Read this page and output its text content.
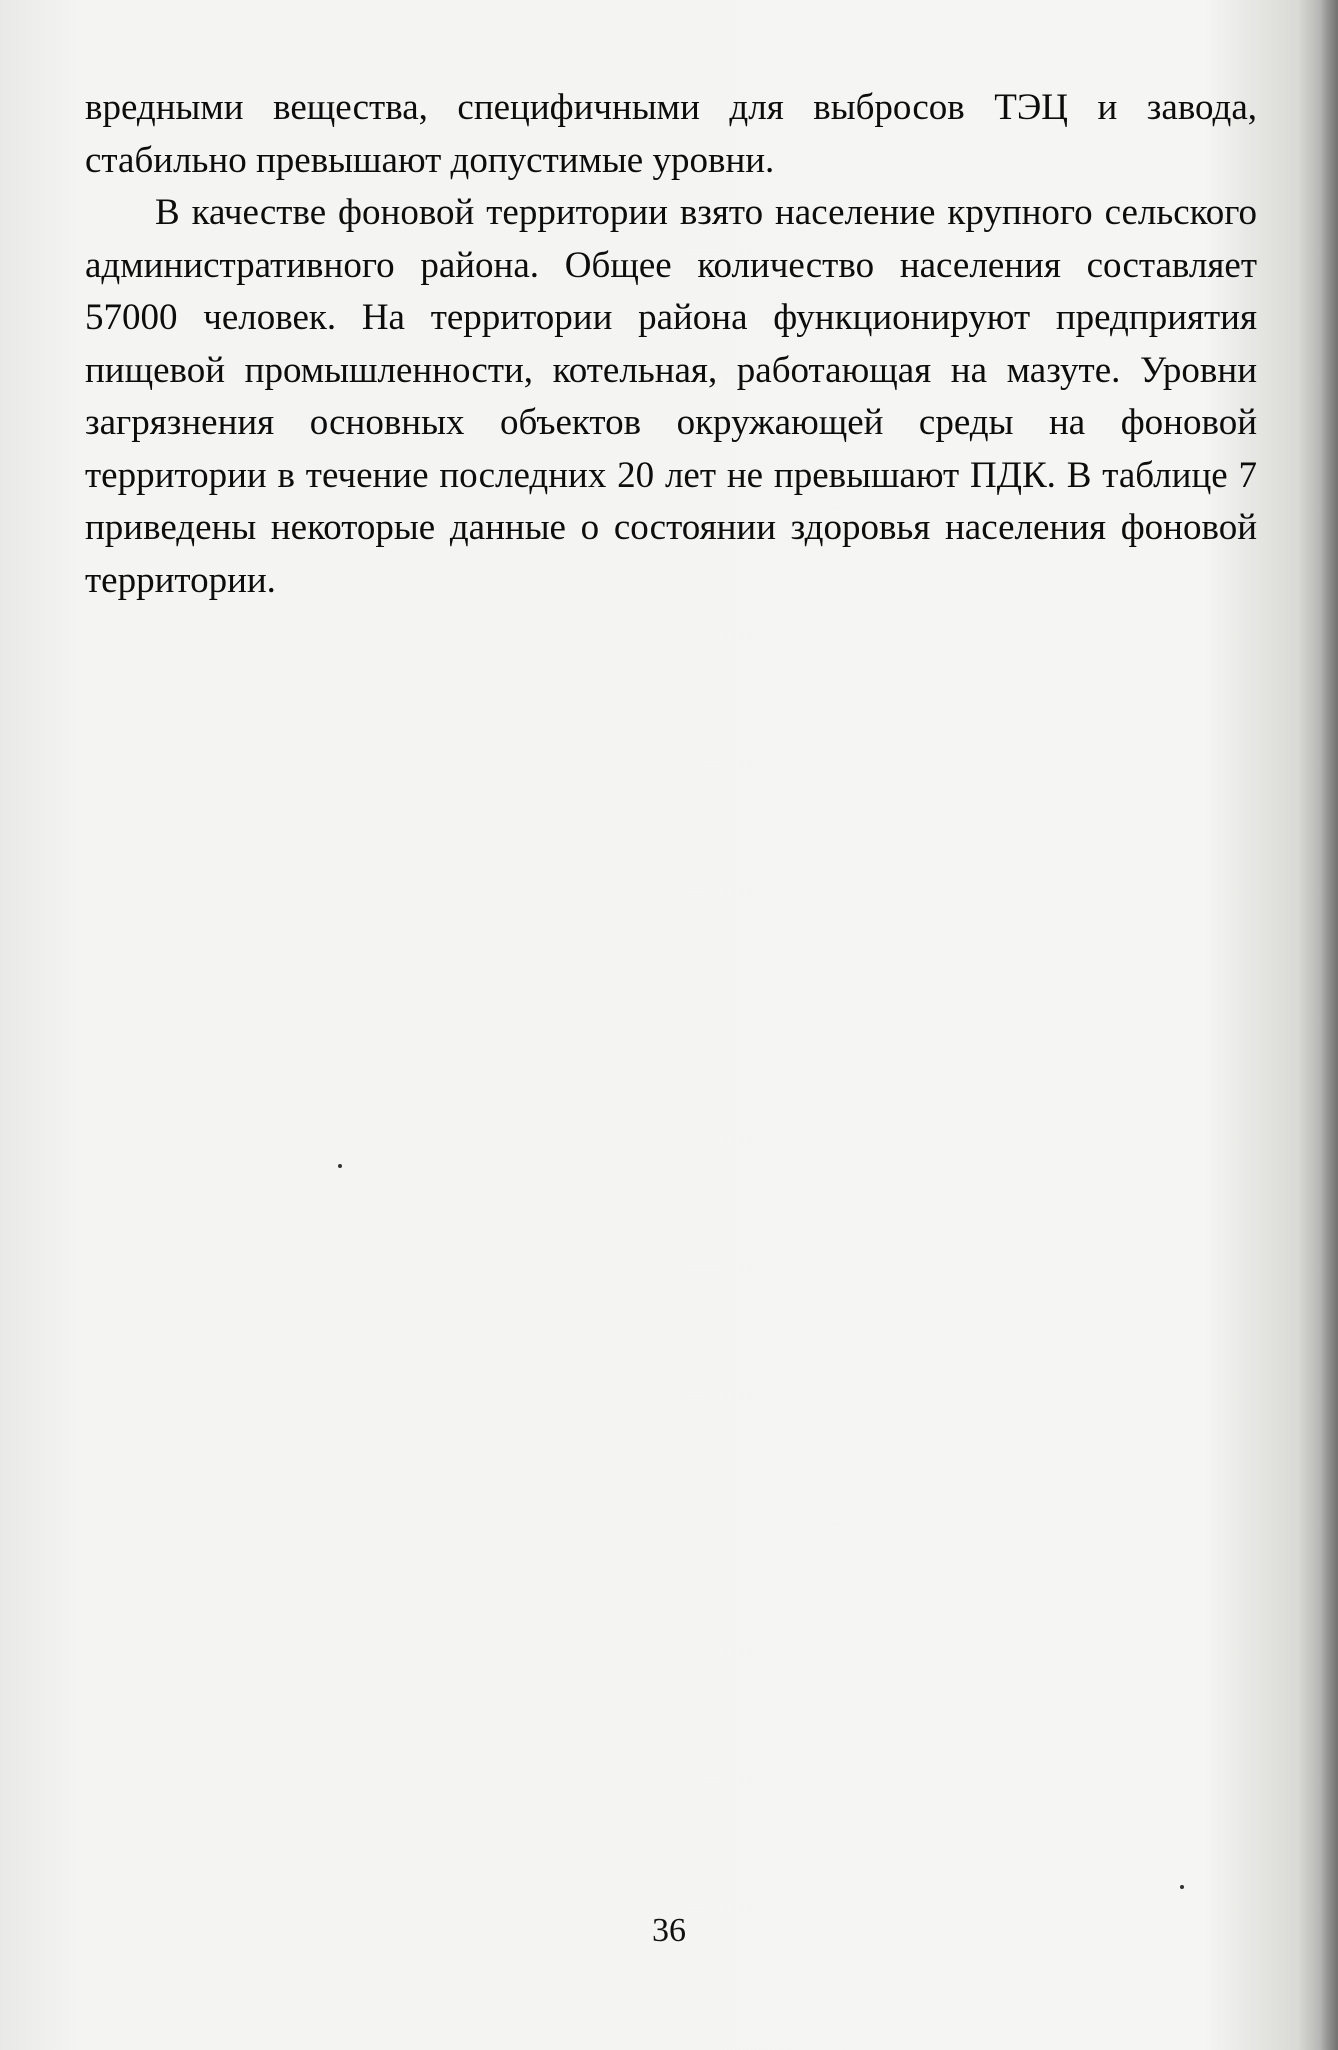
вредными вещества, специфичными для выбросов ТЭЦ и завода, стабильно превышают допустимые уровни.

В качестве фоновой территории взято население крупного сельского административного района. Общее количество населения составляет 57000 человек. На территории района функционируют предприятия пищевой промышленности, котельная, работающая на мазуте. Уровни загрязнения основных объектов окружающей среды на фоновой территории в течение последних 20 лет не превышают ПДК. В таблице 7 приведены некоторые данные о состоянии здоровья населения фоновой территории.

36
